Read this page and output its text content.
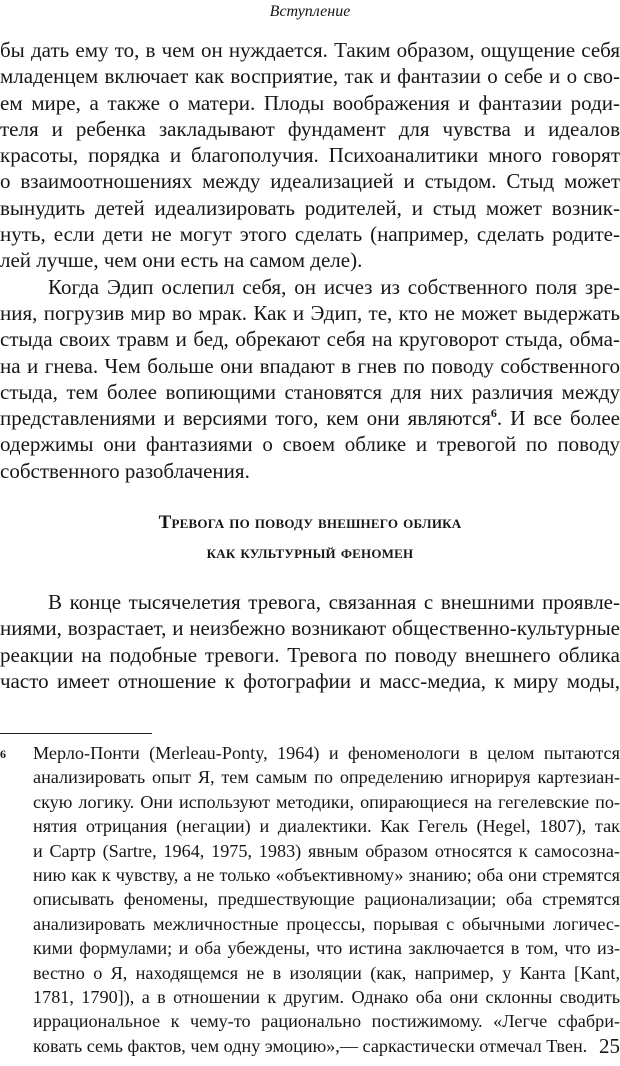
Вступление
бы дать ему то, в чем он нуждается. Таким образом, ощущение себя
младенцем включает как восприятие, так и фантазии о себе и о сво-
ем мире, а также о матери. Плоды воображения и фантазии роди-
теля и ребенка закладывают фундамент для чувства и идеалов
красоты, порядка и благополучия. Психоаналитики много говорят
о взаимоотношениях между идеализацией и стыдом. Стыд может
вынудить детей идеализировать родителей, и стыд может возник-
нуть, если дети не могут этого сделать (например, сделать родите-
лей лучше, чем они есть на самом деле).
Когда Эдип ослепил себя, он исчез из собственного поля зре-
ния, погрузив мир во мрак. Как и Эдип, те, кто не может выдержать
стыда своих травм и бед, обрекают себя на круговорот стыда, обма-
на и гнева. Чем больше они впадают в гнев по поводу собственного
стыда, тем более вопиющими становятся для них различия между
представлениями и версиями того, кем они являются$^6$. И все более
одержимы они фантазиями о своем облике и тревогой по поводу
собственного разоблачения.
Тревога по поводу внешнего облика
как культурный феномен
В конце тысячелетия тревога, связанная с внешними проявле-
ниями, возрастает, и неизбежно возникают общественно-культурные
реакции на подобные тревоги. Тревога по поводу внешнего облика
часто имеет отношение к фотографии и масс-медиа, к миру моды,
6 Мерло-Понти (Merleau-Ponty, 1964) и феноменологи в целом пытаются
анализировать опыт Я, тем самым по определению игнорируя картезиан-
скую логику. Они используют методики, опирающиеся на гегелевские по-
нятия отрицания (негации) и диалектики. Как Гегель (Hegel, 1807), так
и Сартр (Sartre, 1964, 1975, 1983) явным образом относятся к самосозна-
нию как к чувству, а не только «объективному» знанию; оба они стремятся
описывать феномены, предшествующие рационализации; оба стремятся
анализировать межличностные процессы, порывая с обычными логичес-
кими формулами; и оба убеждены, что истина заключается в том, что из-
вестно о Я, находящемся не в изоляции (как, например, у Канта [Kant,
1781, 1790]), а в отношении к другим. Однако оба они склонны сводить
иррациональное к чему-то рационально постижимому. «Легче сфабри-
ковать семь фактов, чем одну эмоцию»,— саркастически отмечал Твен. 25
